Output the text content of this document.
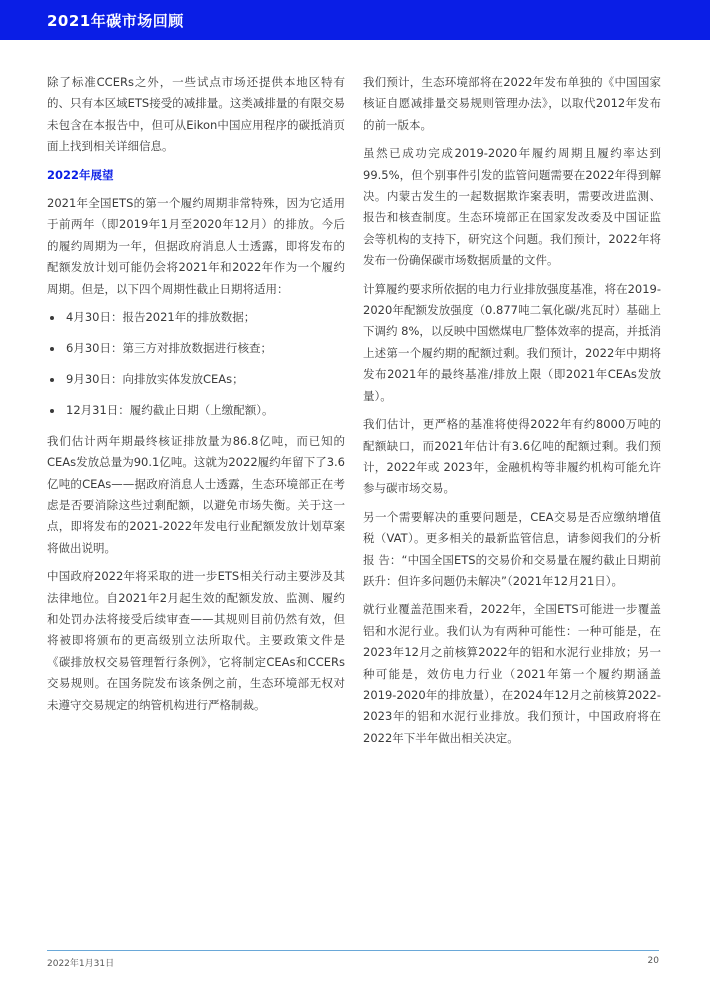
2021年碳市场回顾

除了标准CCERs之外，一些试点市场还提供本地区特有的、只有本区域ETS接受的减排量。这类减排量的有限交易未包含在本报告中，但可从Eikon中国应用程序的碳抵消页面上找到相关详细信息。

2022年展望

2021年全国ETS的第一个履约周期非常特殊，因为它适用于前两年（即2019年1月至2020年12月）的排放。今后的履约周期为一年，但据政府消息人士透露，即将发布的配额发放计划可能仍会将2021年和2022年作为一个履约周期。但是，以下四个周期性截止日期将适用：

4月30日：报告2021年的排放数据；
6月30日：第三方对排放数据进行核查；
9月30日：向排放实体发放CEAs；
12月31日：履约截止日期（上缴配额）。

我们估计两年期最终核证排放量为86.8亿吨，而已知的CEAs发放总量为90.1亿吨。这就为2022履约年留下了3.6亿吨的CEAs——据政府消息人士透露，生态环境部正在考虑是否要消除这些过剩配额，以避免市场失衡。关于这一点，即将发布的2021-2022年发电行业配额发放计划草案将做出说明。

中国政府2022年将采取的进一步ETS相关行动主要涉及其法律地位。自2021年2月起生效的配额发放、监测、履约和处罚办法将接受后续审查——其规则目前仍然有效，但将被即将颁布的更高级别立法所取代。主要政策文件是《碳排放权交易管理暂行条例》，它将制定CEAs和CCERs交易规则。在国务院发布该条例之前，生态环境部无权对未遵守交易规定的纳管机构进行严格制裁。

我们预计，生态环境部将在2022年发布单独的《中国国家核证自愿减排量交易规则管理办法》，以取代2012年发布的前一版本。

虽然已成功完成2019-2020年履约周期且履约率达到99.5%，但个别事件引发的监管问题需要在2022年得到解决。内蒙古发生的一起数据欺诈案表明，需要改进监测、报告和核查制度。生态环境部正在国家发改委及中国证监会等机构的支持下，研究这个问题。我们预计，2022年将发布一份确保碳市场数据质量的文件。

计算履约要求所依据的电力行业排放强度基准，将在2019-2020年配额发放强度（0.877吨二氧化碳/兆瓦时）基础上下调约 8%，以反映中国燃煤电厂整体效率的提高，并抵消上述第一个履约期的配额过剩。我们预计，2022年中期将发布2021年的最终基准/排放上限（即2021年CEAs发放量）。

我们估计，更严格的基准将使得2022年有约8000万吨的配额缺口，而2021年估计有3.6亿吨的配额过剩。我们预计，2022年或 2023年，金融机构等非履约机构可能允许参与碳市场交易。

另一个需要解决的重要问题是，CEA交易是否应缴纳增值税（VAT）。更多相关的最新监管信息，请参阅我们的分析报 告：“中国全国ETS的交易价和交易量在履约截止日期前跃升：但许多问题仍未解决”（2021年12月21日）。

就行业覆盖范围来看，2022年，全国ETS可能进一步覆盖铝和水泥行业。我们认为有两种可能性：一种可能是，在2023年12月之前核算2022年的铝和水泥行业排放；另一种可能是，效仿电力行业（2021年第一个履约期涵盖2019-2020年的排放量），在2024年12月之前核算2022-2023年的铝和水泥行业排放。我们预计，中国政府将在2022年下半年做出相关决定。

2022年1月31日	20
